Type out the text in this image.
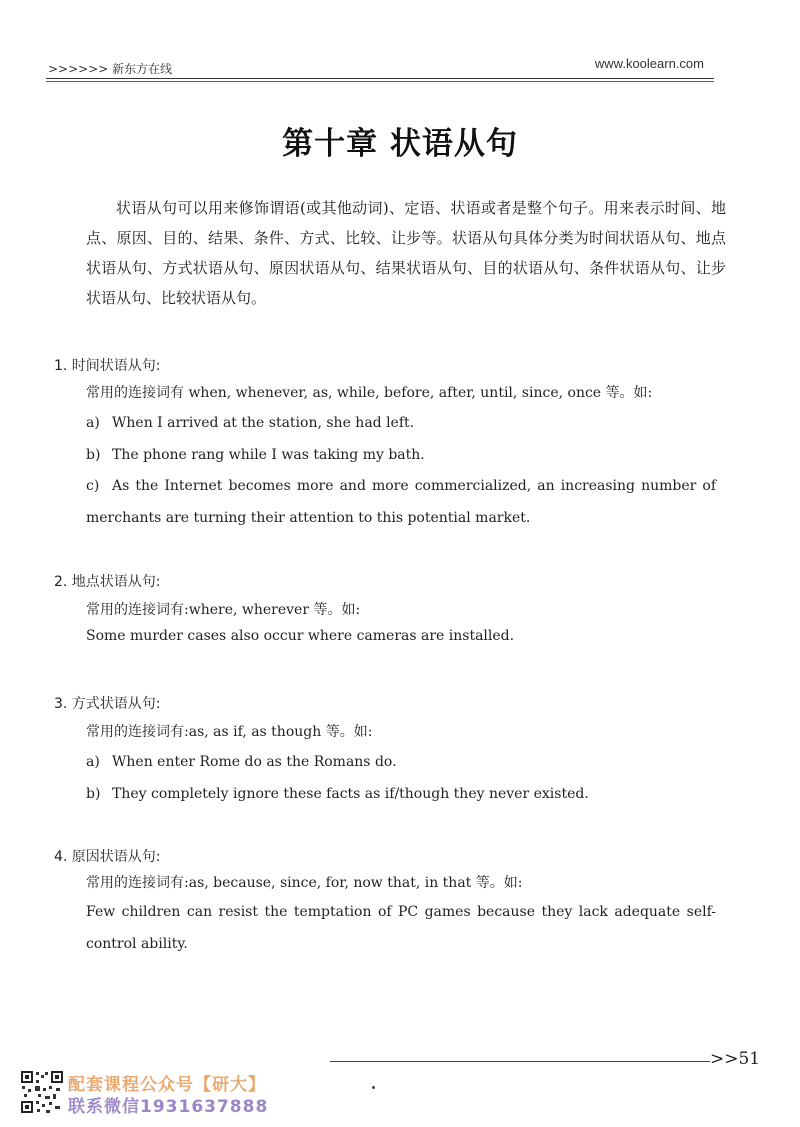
>>>>>> 新东方在线	www.koolearn.com
第十章 状语从句
状语从句可以用来修饰谓语(或其他动词)、定语、状语或者是整个句子。用来表示时间、地点、原因、目的、结果、条件、方式、比较、让步等。状语从句具体分类为时间状语从句、地点状语从句、方式状语从句、原因状语从句、结果状语从句、目的状语从句、条件状语从句、让步状语从句、比较状语从句。
1. 时间状语从句:
常用的连接词有 when, whenever, as, while, before, after, until, since, once 等。如:
a) When I arrived at the station, she had left.
b) The phone rang while I was taking my bath.
c) As the Internet becomes more and more commercialized, an increasing number of merchants are turning their attention to this potential market.
2. 地点状语从句:
常用的连接词有:where, wherever 等。如:
Some murder cases also occur where cameras are installed.
3. 方式状语从句:
常用的连接词有:as, as if, as though 等。如:
a) When enter Rome do as the Romans do.
b) They completely ignore these facts as if/though they never existed.
4. 原因状语从句:
常用的连接词有:as, because, since, for, now that, in that 等。如:
Few children can resist the temptation of PC games because they lack adequate self-control ability.
>>51
配套课程公众号【研大】
联系微信1931637888
